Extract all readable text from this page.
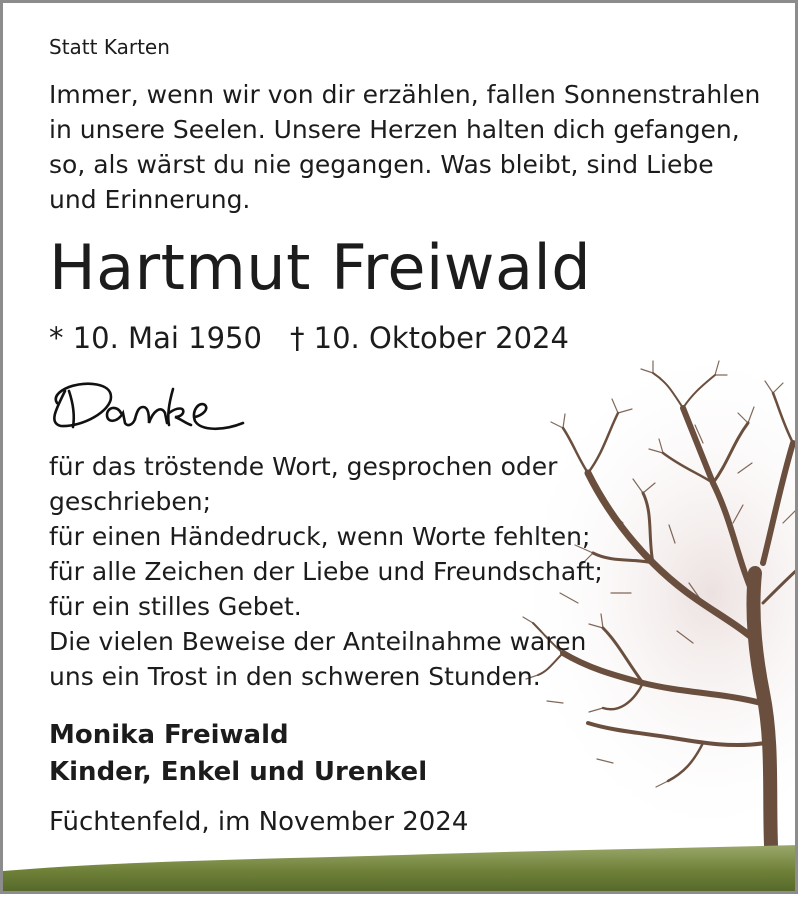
Statt Karten

Immer, wenn wir von dir erzählen, fallen Sonnenstrahlen
in unsere Seelen. Unsere Herzen halten dich gefangen,
so, als wärst du nie gegangen. Was bleibt, sind Liebe
und Erinnerung.

Hartmut Freiwald

* 10. Mai 1950 † 10. Oktober 2024

für das tröstende Wort, gesprochen oder
geschrieben;
für einen Händedruck, wenn Worte fehlten;
für alle Zeichen der Liebe und Freundschaft;
für ein stilles Gebet.
Die vielen Beweise der Anteilnahme waren
uns ein Trost in den schweren Stunden.

Monika Freiwald
Kinder, Enkel und Urenkel

Füchtenfeld, im November 2024
